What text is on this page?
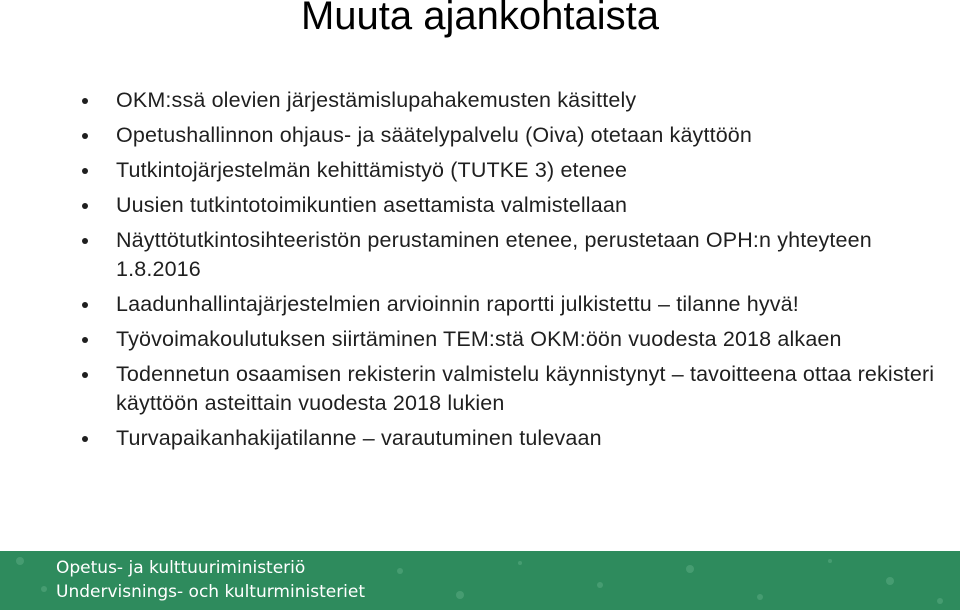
Muuta ajankohtaista
OKM:ssä olevien järjestämislupahakemusten käsittely
Opetushallinnon ohjaus- ja säätelypalvelu (Oiva) otetaan käyttöön
Tutkintojärjestelmän kehittämistyö (TUTKE 3) etenee
Uusien tutkintotoimikuntien asettamista valmistellaan
Näyttötutkintosihteeristön perustaminen etenee, perustetaan OPH:n yhteyteen 1.8.2016
Laadunhallintajärjestelmien arvioinnin raportti julkistettu – tilanne hyvä!
Työvoimakoulutuksen siirtäminen TEM:stä OKM:öön vuodesta 2018 alkaen
Todennetun osaamisen rekisterin valmistelu käynnistynyt – tavoitteena ottaa rekisteri käyttöön asteittain vuodesta 2018 lukien
Turvapaikanhakijatilanne – varautuminen tulevaan
Opetus- ja kulttuuriministeriö
Undervisnings- och kulturministeriet
